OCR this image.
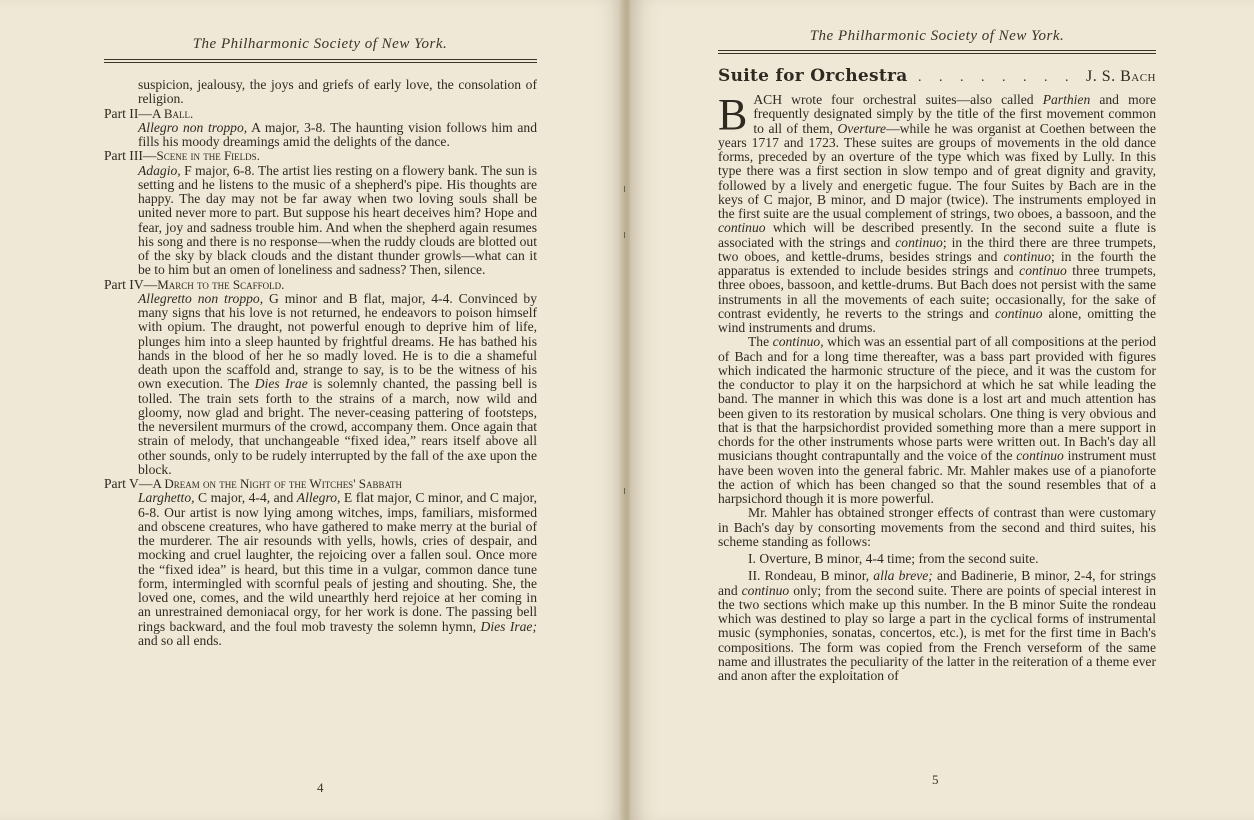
The Philharmonic Society of New York.

suspicion, jealousy, the joys and griefs of early love, the consolation of religion.

Part II—A Ball.

Allegro non troppo, A major, 3-8. The haunting vision follows him and fills his moody dreamings amid the delights of the dance.

Part III—Scene in the Fields.

Adagio, F major, 6-8. The artist lies resting on a flowery bank. The sun is setting and he listens to the music of a shepherd's pipe. His thoughts are happy. The day may not be far away when two loving souls shall be united never more to part. But suppose his heart deceives him? Hope and fear, joy and sadness trouble him. And when the shepherd again resumes his song and there is no response—when the ruddy clouds are blotted out of the sky by black clouds and the distant thunder growls—what can it be to him but an omen of loneliness and sadness? Then, silence.

Part IV—March to the Scaffold.

Allegretto non troppo, G minor and B flat, major, 4-4. Convinced by many signs that his love is not returned, he endeavors to poison himself with opium. The draught, not powerful enough to deprive him of life, plunges him into a sleep haunted by frightful dreams. He has bathed his hands in the blood of her he so madly loved. He is to die a shameful death upon the scaffold and, strange to say, is to be the witness of his own execution. The Dies Irae is solemnly chanted, the passing bell is tolled. The train sets forth to the strains of a march, now wild and gloomy, now glad and bright. The never-ceasing pattering of footsteps, the neversilent murmurs of the crowd, accompany them. Once again that strain of melody, that unchangeable “fixed idea,” rears itself above all other sounds, only to be rudely interrupted by the fall of the axe upon the block.

Part V—A Dream on the Night of the Witches' Sabbath

Larghetto, C major, 4-4, and Allegro, E flat major, C minor, and C major, 6-8. Our artist is now lying among witches, imps, familiars, misformed and obscene creatures, who have gathered to make merry at the burial of the murderer. The air resounds with yells, howls, cries of despair, and mocking and cruel laughter, the rejoicing over a fallen soul. Once more the “fixed idea” is heard, but this time in a vulgar, common dance tune form, intermingled with scornful peals of jesting and shouting. She, the loved one, comes, and the wild unearthly herd rejoice at her coming in an unrestrained demoniacal orgy, for her work is done. The passing bell rings backward, and the foul mob travesty the solemn hymn, Dies Irae; and so all ends.

4
The Philharmonic Society of New York.
Suite for Orchestra . . . . . . . . J. S. Bach

BACH wrote four orchestral suites—also called Parthien and more frequently designated simply by the title of the first movement common to all of them, Overture—while he was organist at Coethen between the years 1717 and 1723. These suites are groups of movements in the old dance forms, preceded by an overture of the type which was fixed by Lully. In this type there was a first section in slow tempo and of great dignity and gravity, followed by a lively and energetic fugue. The four Suites by Bach are in the keys of C major, B minor, and D major (twice). The instruments employed in the first suite are the usual complement of strings, two oboes, a bassoon, and the continuo which will be described presently. In the second suite a flute is associated with the strings and continuo; in the third there are three trumpets, two oboes, and kettle-drums, besides strings and continuo; in the fourth the apparatus is extended to include besides strings and continuo three trumpets, three oboes, bassoon, and kettle-drums. But Bach does not persist with the same instruments in all the movements of each suite; occasionally, for the sake of contrast evidently, he reverts to the strings and continuo alone, omitting the wind instruments and drums.

The continuo, which was an essential part of all compositions at the period of Bach and for a long time thereafter, was a bass part provided with figures which indicated the harmonic structure of the piece, and it was the custom for the conductor to play it on the harpsichord at which he sat while leading the band. The manner in which this was done is a lost art and much attention has been given to its restoration by musical scholars. One thing is very obvious and that is that the harpsichordist provided something more than a mere support in chords for the other instruments whose parts were written out. In Bach's day all musicians thought contrapuntally and the voice of the continuo instrument must have been woven into the general fabric. Mr. Mahler makes use of a pianoforte the action of which has been changed so that the sound resembles that of a harpsichord though it is more powerful.

Mr. Mahler has obtained stronger effects of contrast than were customary in Bach's day by consorting movements from the second and third suites, his scheme standing as follows:

I. Overture, B minor, 4-4 time; from the second suite.

II. Rondeau, B minor, alla breve; and Badinerie, B minor, 2-4, for strings and continuo only; from the second suite. There are points of special interest in the two sections which make up this number. In the B minor Suite the rondeau which was destined to play so large a part in the cyclical forms of instrumental music (symphonies, sonatas, concertos, etc.), is met for the first time in Bach's compositions. The form was copied from the French verseform of the same name and illustrates the peculiarity of the latter in the reiteration of a theme ever and anon after the exploitation of

5
